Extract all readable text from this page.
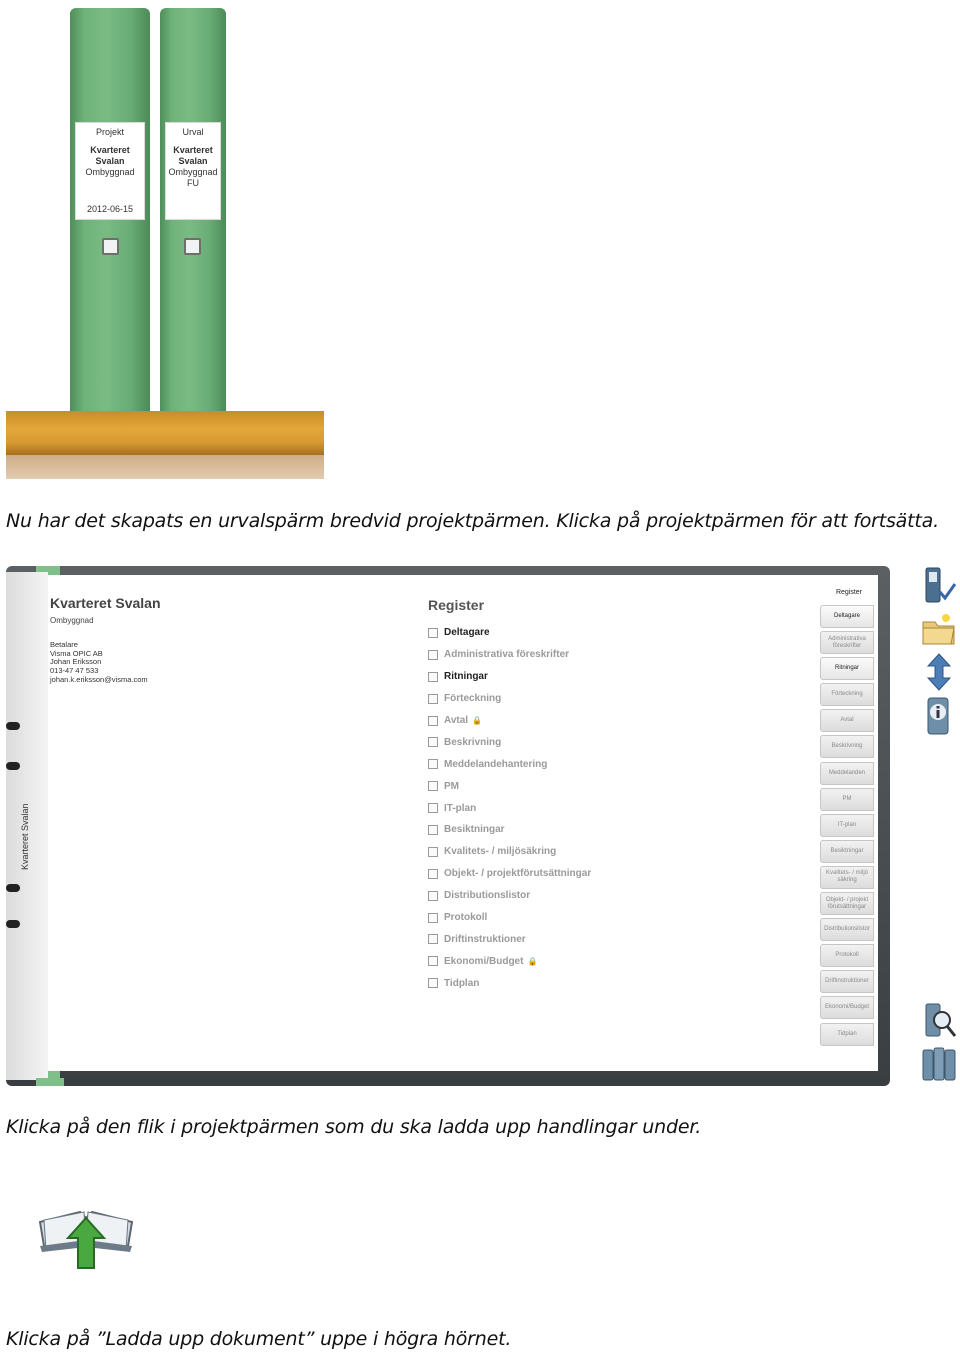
Projekt
Kvarteret Svalan
Ombyggnad
2012-06-15
Urval
Kvarteret Svalan
Ombyggnad FU
Nu har det skapats en urvalspärm bredvid projektpärmen. Klicka på projektpärmen för att fortsätta.
Kvarteret Svalan
Kvarteret Svalan
Ombyggnad
Betalare
Visma OPIC AB
Johan Eriksson
013-47 47 533
johan.k.eriksson@visma.com
Register
Deltagare
Administrativa föreskrifter
Ritningar
Förteckning
Avtal 🔒
Beskrivning
Meddelandehantering
PM
IT-plan
Besiktningar
Kvalitets- / miljösäkring
Objekt- / projektförutsättningar
Distributionslistor
Protokoll
Driftinstruktioner
Ekonomi/Budget 🔒
Tidplan
Register
Deltagare
Administrativa föreskrifter
Ritningar
Förteckning
Avtal
Beskrivning
Meddelanden
PM
IT-plan
Besiktningar
Kvalitets- / miljö säkring
Objekt- / projekt förutsättningar
Distributionslistor
Protokoll
Driftinstruktioner
Ekonomi/Budget
Tidplan
Klicka på den flik i projektpärmen som du ska ladda upp handlingar under.
Klicka på ”Ladda upp dokument” uppe i högra hörnet.
